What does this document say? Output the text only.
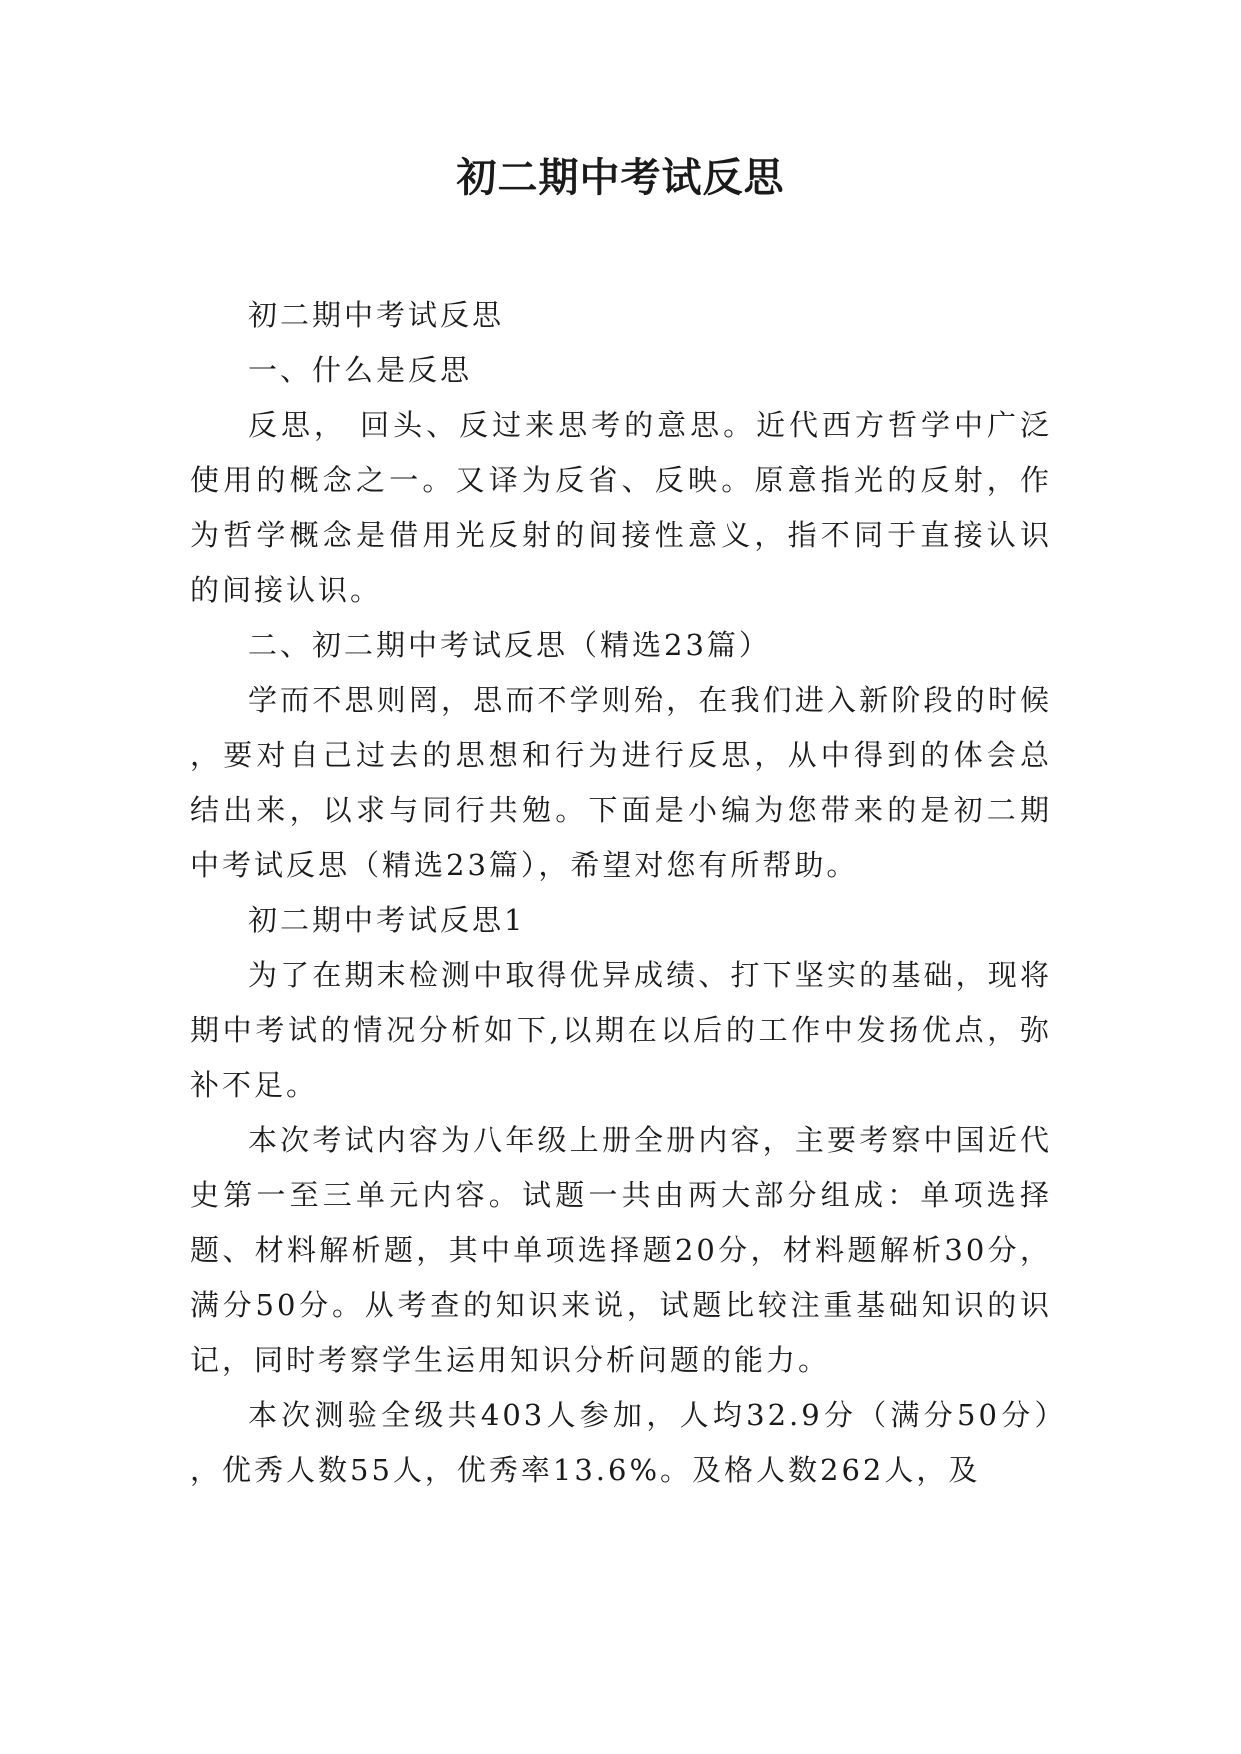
初二期中考试反思

初二期中考试反思

一、什么是反思

反思， 回头、反过来思考的意思。近代西方哲学中广泛使用的概念之一。又译为反省、反映。原意指光的反射，作为哲学概念是借用光反射的间接性意义，指不同于直接认识的间接认识。

二、初二期中考试反思（精选23篇）

学而不思则罔，思而不学则殆，在我们进入新阶段的时候，要对自己过去的思想和行为进行反思，从中得到的体会总结出来，以求与同行共勉。下面是小编为您带来的是初二期中考试反思（精选23篇），希望对您有所帮助。

初二期中考试反思1

为了在期末检测中取得优异成绩、打下坚实的基础，现将期中考试的情况分析如下,以期在以后的工作中发扬优点，弥补不足。

本次考试内容为八年级上册全册内容，主要考察中国近代史第一至三单元内容。试题一共由两大部分组成：单项选择题、材料解析题，其中单项选择题20分，材料题解析30分，满分50分。从考查的知识来说，试题比较注重基础知识的识记，同时考察学生运用知识分析问题的能力。

本次测验全级共403人参加，人均32.9分（满分50分），优秀人数55人，优秀率13.6%。及格人数262人，及
